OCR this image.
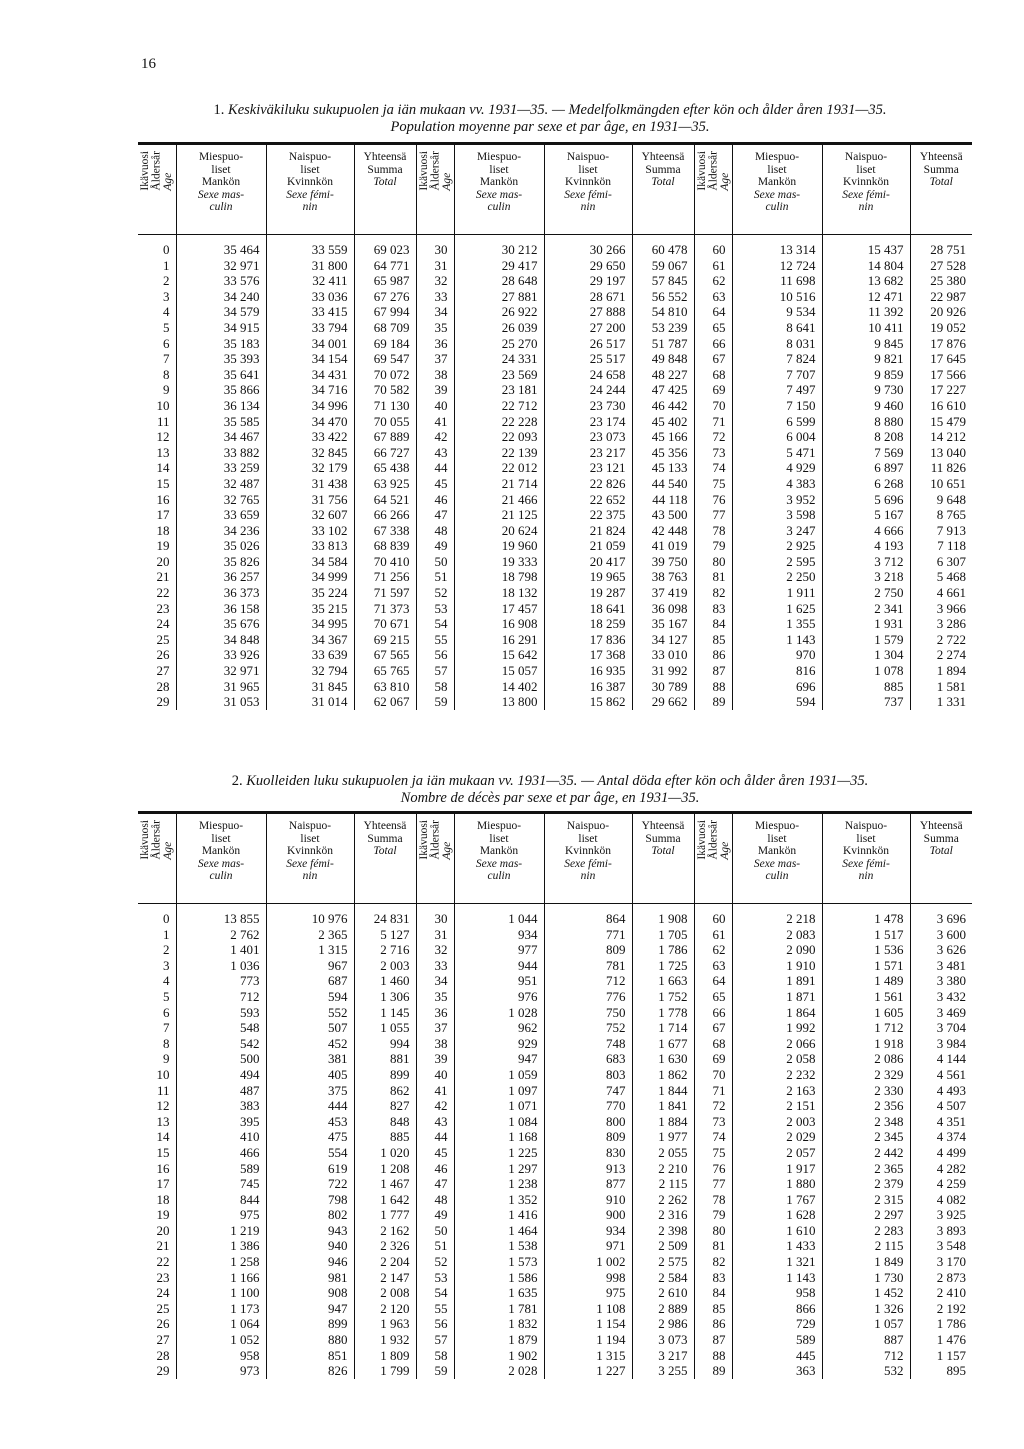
16
1. Keskiväkiluku sukupuolen ja iän mukaan vv. 1931—35. — Medelfolkmängden efter kön och ålder åren 1931—35.
Population moyenne par sexe et par âge, en 1931—35.

Ikävuosi Åldersår Age	Miespuo-
liset
Mankön
Sexe mas-
culin	Naispuo-
liset
Kvinnkön
Sexe fémi-
nin	Yhteensä
Summa
Total	Ikävuosi Åldersår Age	Miespuo-
liset
Mankön
Sexe mas-
culin	Naispuo-
liset
Kvinnkön
Sexe fémi-
nin	Yhteensä
Summa
Total	Ikävuosi Åldersår Age	Miespuo-
liset
Mankön
Sexe mas-
culin	Naispuo-
liset
Kvinnkön
Sexe fémi-
nin	Yhteensä
Summa
Total

0	35 464	33 559	69 023	30	30 212	30 266	60 478	60	13 314	15 437	28 751
1	32 971	31 800	64 771	31	29 417	29 650	59 067	61	12 724	14 804	27 528
2	33 576	32 411	65 987	32	28 648	29 197	57 845	62	11 698	13 682	25 380
3	34 240	33 036	67 276	33	27 881	28 671	56 552	63	10 516	12 471	22 987
4	34 579	33 415	67 994	34	26 922	27 888	54 810	64	9 534	11 392	20 926
5	34 915	33 794	68 709	35	26 039	27 200	53 239	65	8 641	10 411	19 052
6	35 183	34 001	69 184	36	25 270	26 517	51 787	66	8 031	9 845	17 876
7	35 393	34 154	69 547	37	24 331	25 517	49 848	67	7 824	9 821	17 645
8	35 641	34 431	70 072	38	23 569	24 658	48 227	68	7 707	9 859	17 566
9	35 866	34 716	70 582	39	23 181	24 244	47 425	69	7 497	9 730	17 227
10	36 134	34 996	71 130	40	22 712	23 730	46 442	70	7 150	9 460	16 610
11	35 585	34 470	70 055	41	22 228	23 174	45 402	71	6 599	8 880	15 479
12	34 467	33 422	67 889	42	22 093	23 073	45 166	72	6 004	8 208	14 212
13	33 882	32 845	66 727	43	22 139	23 217	45 356	73	5 471	7 569	13 040
14	33 259	32 179	65 438	44	22 012	23 121	45 133	74	4 929	6 897	11 826
15	32 487	31 438	63 925	45	21 714	22 826	44 540	75	4 383	6 268	10 651
16	32 765	31 756	64 521	46	21 466	22 652	44 118	76	3 952	5 696	9 648
17	33 659	32 607	66 266	47	21 125	22 375	43 500	77	3 598	5 167	8 765
18	34 236	33 102	67 338	48	20 624	21 824	42 448	78	3 247	4 666	7 913
19	35 026	33 813	68 839	49	19 960	21 059	41 019	79	2 925	4 193	7 118
20	35 826	34 584	70 410	50	19 333	20 417	39 750	80	2 595	3 712	6 307
21	36 257	34 999	71 256	51	18 798	19 965	38 763	81	2 250	3 218	5 468
22	36 373	35 224	71 597	52	18 132	19 287	37 419	82	1 911	2 750	4 661
23	36 158	35 215	71 373	53	17 457	18 641	36 098	83	1 625	2 341	3 966
24	35 676	34 995	70 671	54	16 908	18 259	35 167	84	1 355	1 931	3 286
25	34 848	34 367	69 215	55	16 291	17 836	34 127	85	1 143	1 579	2 722
26	33 926	33 639	67 565	56	15 642	17 368	33 010	86	970	1 304	2 274
27	32 971	32 794	65 765	57	15 057	16 935	31 992	87	816	1 078	1 894
28	31 965	31 845	63 810	58	14 402	16 387	30 789	88	696	885	1 581
29	31 053	31 014	62 067	59	13 800	15 862	29 662	89	594	737	1 331
2. Kuolleiden luku sukupuolen ja iän mukaan vv. 1931—35. — Antal döda efter kön och ålder åren 1931—35.
Nombre de décès par sexe et par âge, en 1931—35.

Ikävuosi Åldersår Age	Miespuo-
liset
Mankön
Sexe mas-
culin	Naispuo-
liset
Kvinnkön
Sexe fémi-
nin	Yhteensä
Summa
Total	Ikävuosi Åldersår Age	Miespuo-
liset
Mankön
Sexe mas-
culin	Naispuo-
liset
Kvinnkön
Sexe fémi-
nin	Yhteensä
Summa
Total	Ikävuosi Åldersår Age	Miespuo-
liset
Mankön
Sexe mas-
culin	Naispuo-
liset
Kvinnkön
Sexe fémi-
nin	Yhteensä
Summa
Total

0	13 855	10 976	24 831	30	1 044	864	1 908	60	2 218	1 478	3 696
1	2 762	2 365	5 127	31	934	771	1 705	61	2 083	1 517	3 600
2	1 401	1 315	2 716	32	977	809	1 786	62	2 090	1 536	3 626
3	1 036	967	2 003	33	944	781	1 725	63	1 910	1 571	3 481
4	773	687	1 460	34	951	712	1 663	64	1 891	1 489	3 380
5	712	594	1 306	35	976	776	1 752	65	1 871	1 561	3 432
6	593	552	1 145	36	1 028	750	1 778	66	1 864	1 605	3 469
7	548	507	1 055	37	962	752	1 714	67	1 992	1 712	3 704
8	542	452	994	38	929	748	1 677	68	2 066	1 918	3 984
9	500	381	881	39	947	683	1 630	69	2 058	2 086	4 144
10	494	405	899	40	1 059	803	1 862	70	2 232	2 329	4 561
11	487	375	862	41	1 097	747	1 844	71	2 163	2 330	4 493
12	383	444	827	42	1 071	770	1 841	72	2 151	2 356	4 507
13	395	453	848	43	1 084	800	1 884	73	2 003	2 348	4 351
14	410	475	885	44	1 168	809	1 977	74	2 029	2 345	4 374
15	466	554	1 020	45	1 225	830	2 055	75	2 057	2 442	4 499
16	589	619	1 208	46	1 297	913	2 210	76	1 917	2 365	4 282
17	745	722	1 467	47	1 238	877	2 115	77	1 880	2 379	4 259
18	844	798	1 642	48	1 352	910	2 262	78	1 767	2 315	4 082
19	975	802	1 777	49	1 416	900	2 316	79	1 628	2 297	3 925
20	1 219	943	2 162	50	1 464	934	2 398	80	1 610	2 283	3 893
21	1 386	940	2 326	51	1 538	971	2 509	81	1 433	2 115	3 548
22	1 258	946	2 204	52	1 573	1 002	2 575	82	1 321	1 849	3 170
23	1 166	981	2 147	53	1 586	998	2 584	83	1 143	1 730	2 873
24	1 100	908	2 008	54	1 635	975	2 610	84	958	1 452	2 410
25	1 173	947	2 120	55	1 781	1 108	2 889	85	866	1 326	2 192
26	1 064	899	1 963	56	1 832	1 154	2 986	86	729	1 057	1 786
27	1 052	880	1 932	57	1 879	1 194	3 073	87	589	887	1 476
28	958	851	1 809	58	1 902	1 315	3 217	88	445	712	1 157
29	973	826	1 799	59	2 028	1 227	3 255	89	363	532	895
